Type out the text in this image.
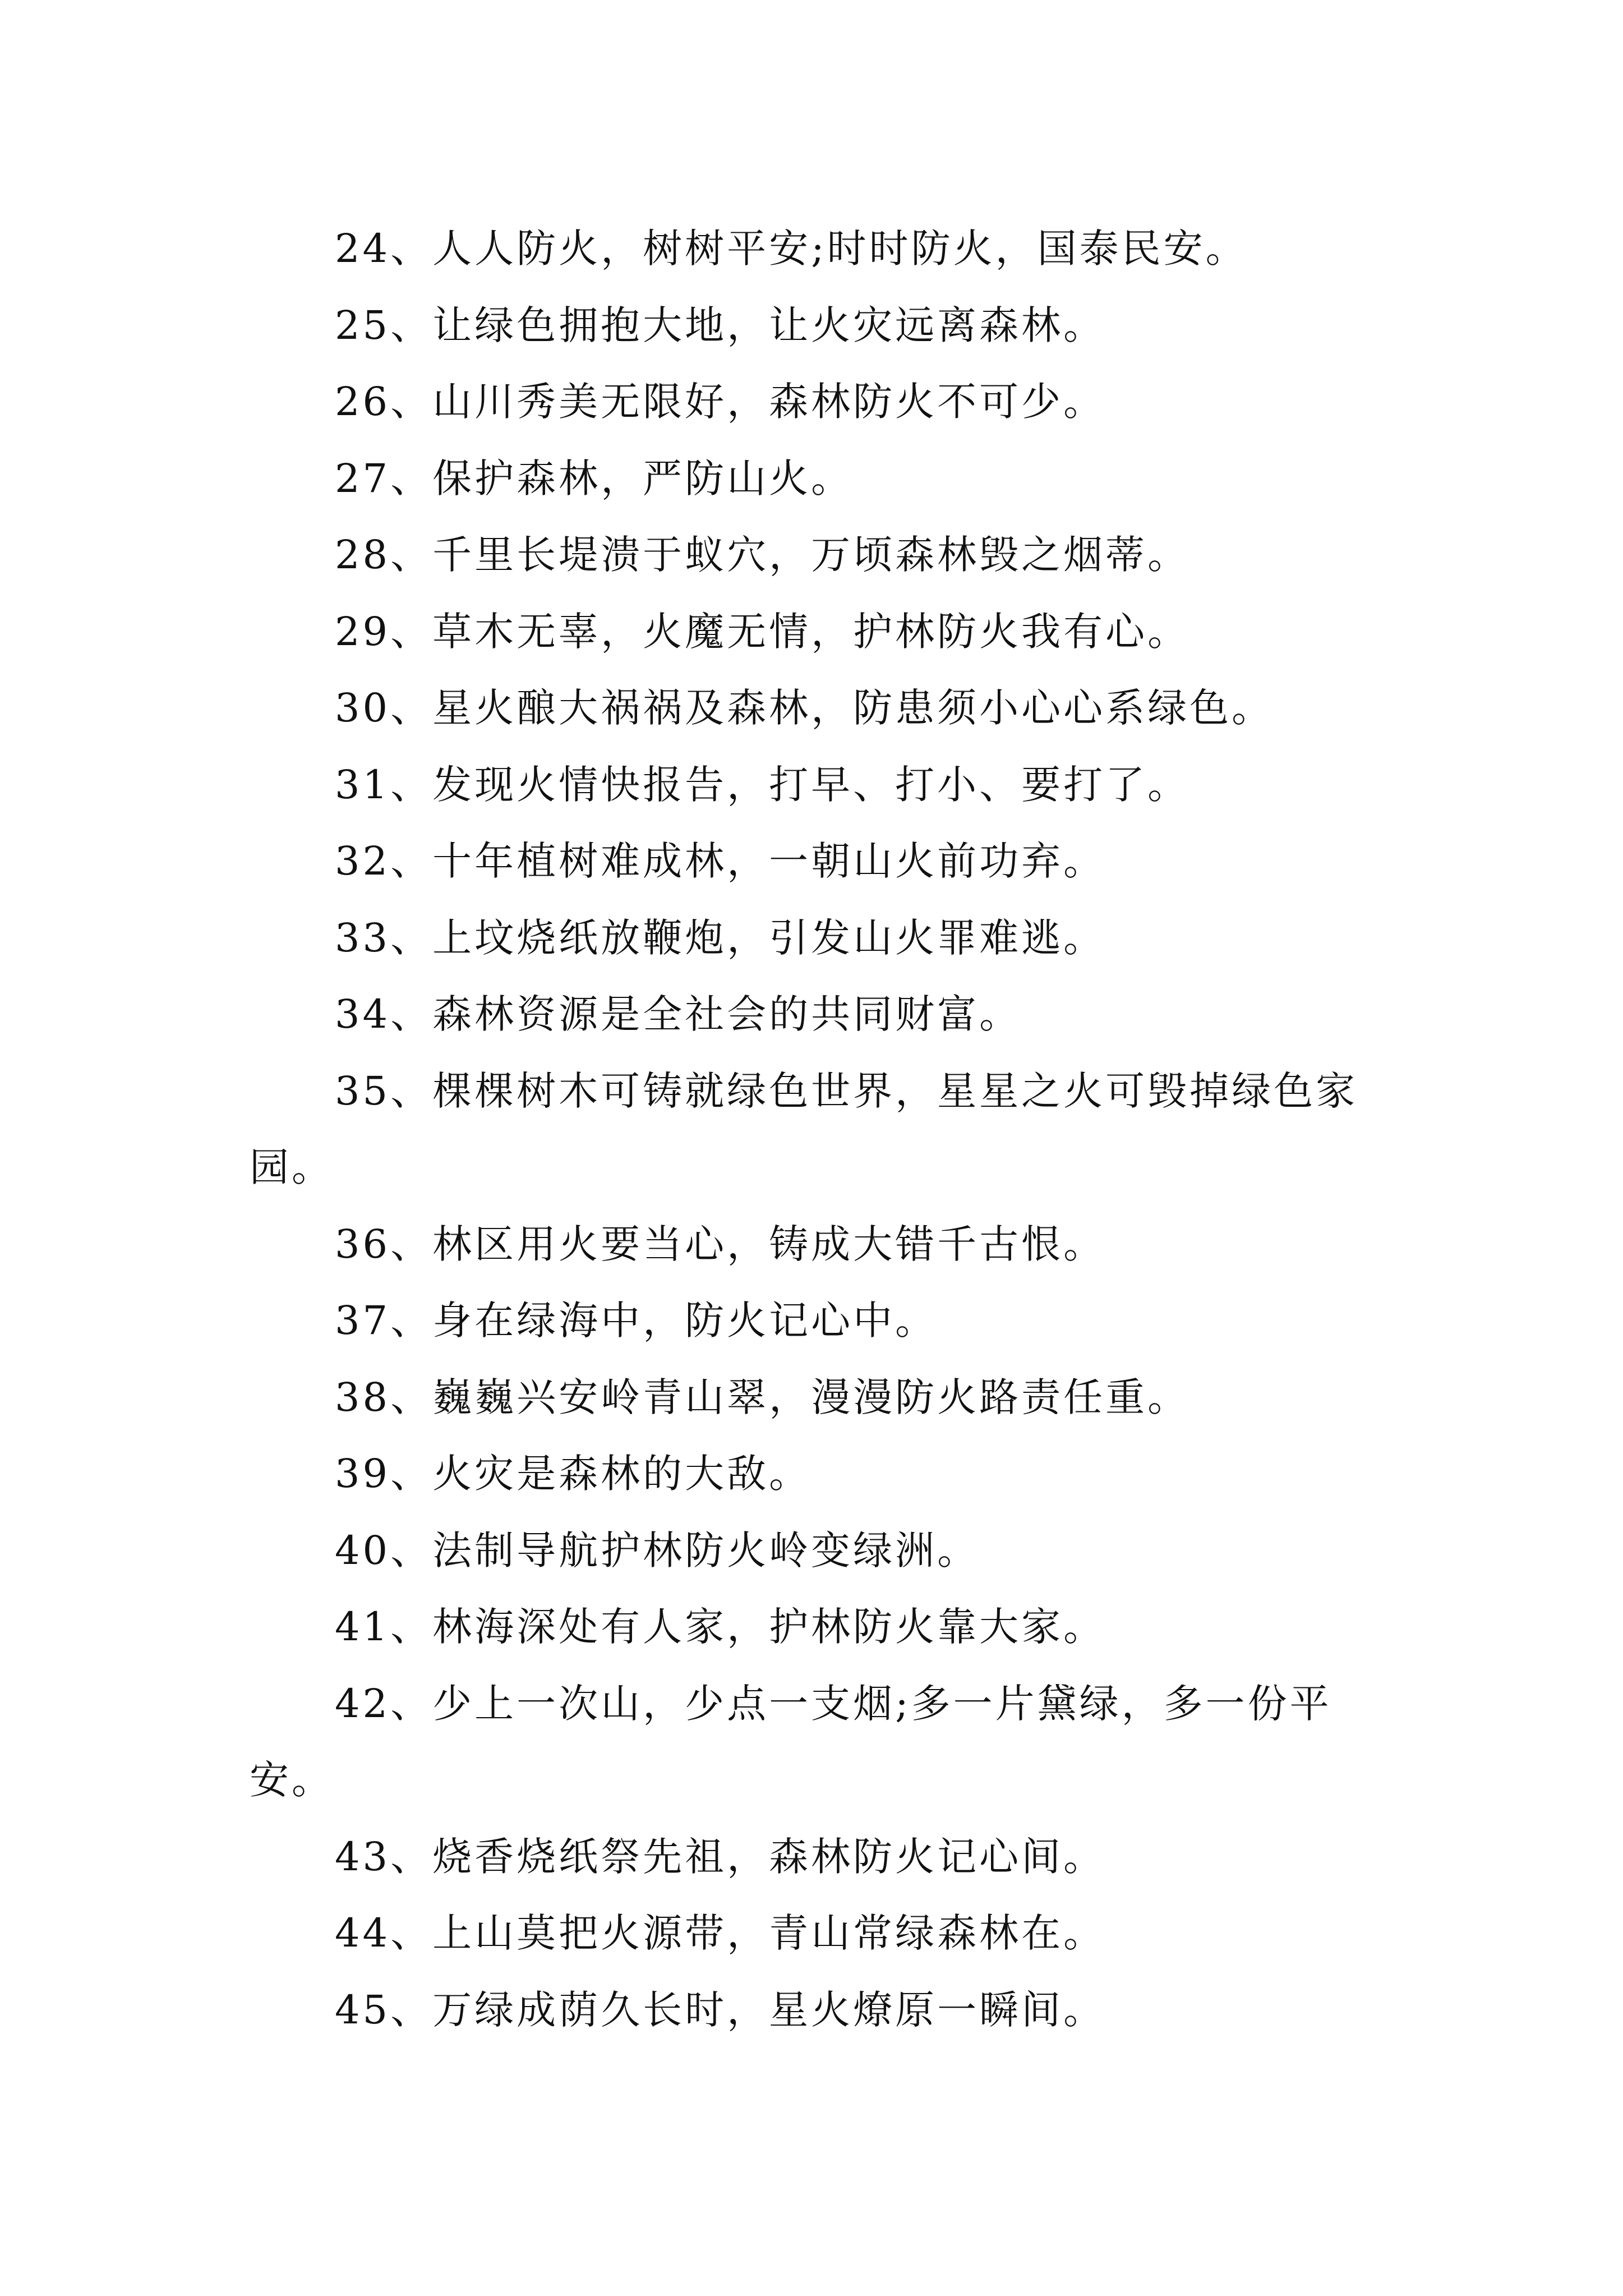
24、人人防火，树树平安;时时防火，国泰民安。
25、让绿色拥抱大地，让火灾远离森林。
26、山川秀美无限好，森林防火不可少。
27、保护森林，严防山火。
28、千里长堤溃于蚁穴，万顷森林毁之烟蒂。
29、草木无辜，火魔无情，护林防火我有心。
30、星火酿大祸祸及森林，防患须小心心系绿色。
31、发现火情快报告，打早、打小、要打了。
32、十年植树难成林，一朝山火前功弃。
33、上坟烧纸放鞭炮，引发山火罪难逃。
34、森林资源是全社会的共同财富。
35、棵棵树木可铸就绿色世界，星星之火可毁掉绿色家
园。
36、林区用火要当心，铸成大错千古恨。
37、身在绿海中，防火记心中。
38、巍巍兴安岭青山翠，漫漫防火路责任重。
39、火灾是森林的大敌。
40、法制导航护林防火岭变绿洲。
41、林海深处有人家，护林防火靠大家。
42、少上一次山，少点一支烟;多一片黛绿，多一份平
安。
43、烧香烧纸祭先祖，森林防火记心间。
44、上山莫把火源带，青山常绿森林在。
45、万绿成荫久长时，星火燎原一瞬间。
